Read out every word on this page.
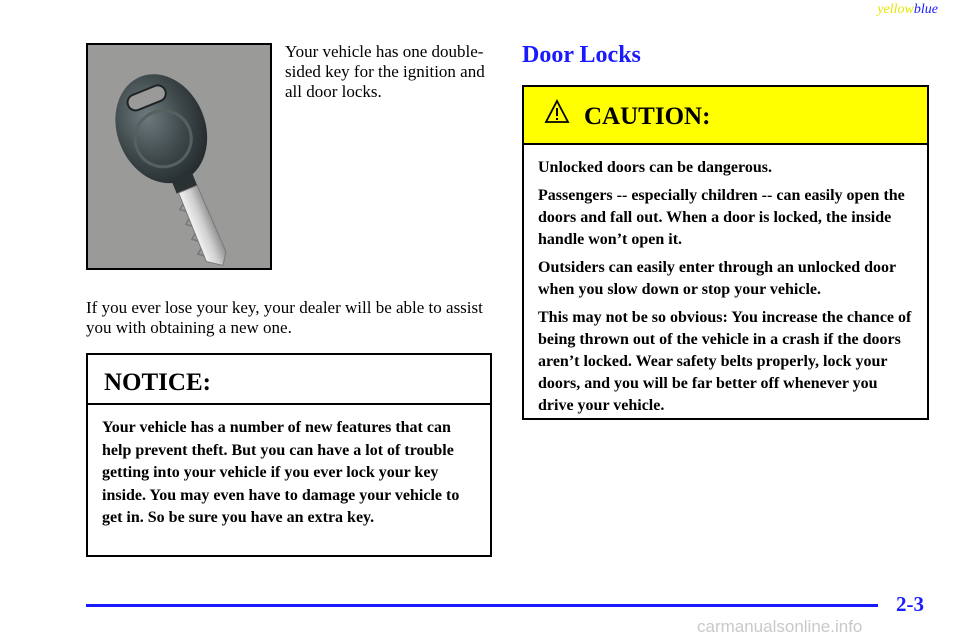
yellowblue
Your vehicle has one double-sided key for the ignition and all door locks.
If you ever lose your key, your dealer will be able to assist you with obtaining a new one.
NOTICE:
Your vehicle has a number of new features that can help prevent theft. But you can have a lot of trouble getting into your vehicle if you ever lock your key inside. You may even have to damage your vehicle to get in. So be sure you have an extra key.
Door Locks
CAUTION:

Unlocked doors can be dangerous.

Passengers -- especially children -- can easily open the doors and fall out. When a door is locked, the inside handle won’t open it.

Outsiders can easily enter through an unlocked door when you slow down or stop your vehicle.

This may not be so obvious: You increase the chance of being thrown out of the vehicle in a crash if the doors aren’t locked. Wear safety belts properly, lock your doors, and you will be far better off whenever you drive your vehicle.

2-3
carmanualsonline.info
